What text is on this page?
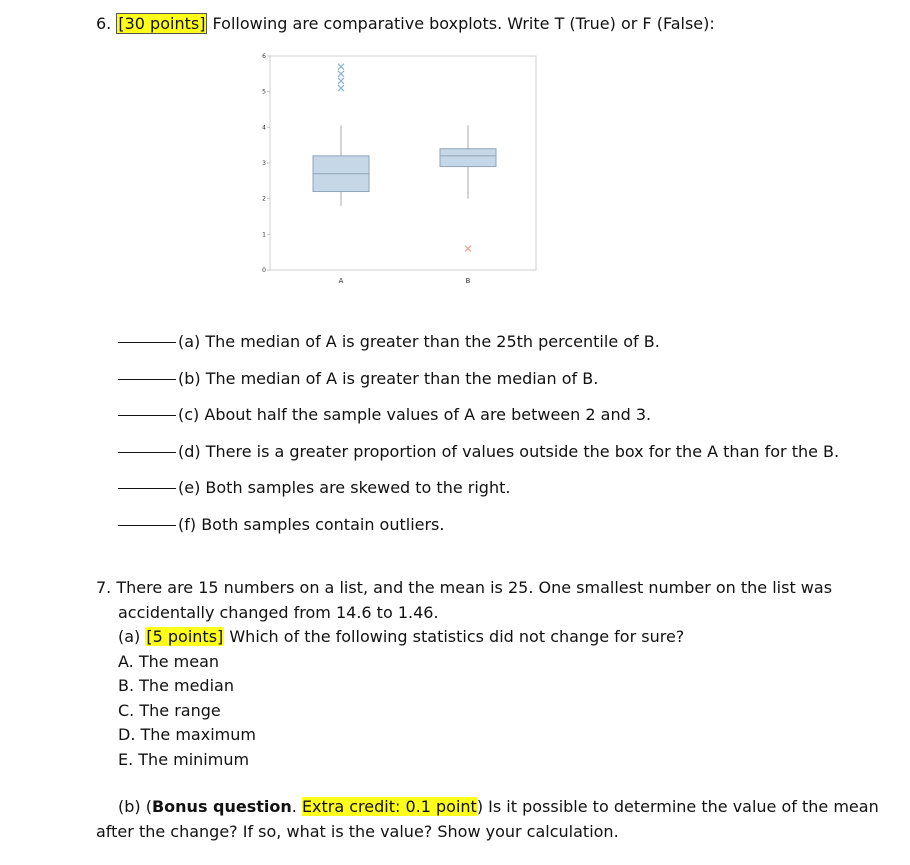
6. [30 points] Following are comparative boxplots. Write T (True) or F (False):
0
1
2
3
4
5
6
A	B
(a) The median of A is greater than the 25th percentile of B.
(b) The median of A is greater than the median of B.
(c) About half the sample values of A are between 2 and 3.
(d) There is a greater proportion of values outside the box for the A than for the B.
(e) Both samples are skewed to the right.
(f) Both samples contain outliers.
7. There are 15 numbers on a list, and the mean is 25. One smallest number on the list was
accidentally changed from 14.6 to 1.46.
(a) [5 points] Which of the following statistics did not change for sure?
A. The mean
B. The median
C. The range
D. The maximum
E. The minimum
(b) (Bonus question. Extra credit: 0.1 point) Is it possible to determine the value of the mean
after the change? If so, what is the value? Show your calculation.
